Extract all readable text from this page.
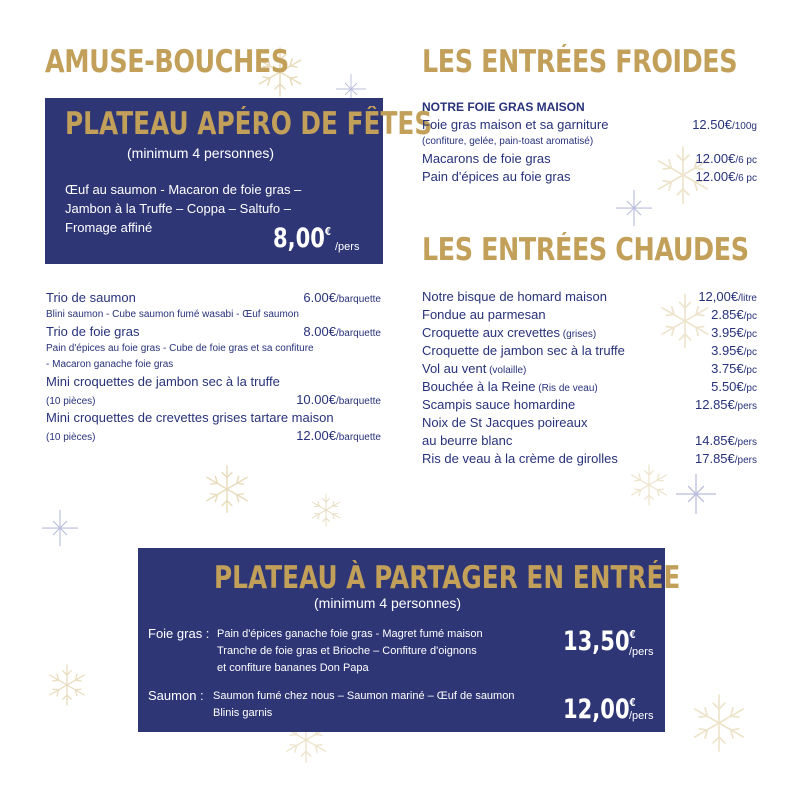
AMUSE-BOUCHES
PLATEAU APÉRO DE FÊTES
(minimum 4 personnes)
Œuf au saumon - Macaron de foie gras –
Jambon à la Truffe – Coppa – Saltufo –
Fromage affiné	8,00€
/pers
Trio de saumon	6.00€/barquette
Blini saumon - Cube saumon fumé wasabi - Œuf saumon
Trio de foie gras	8.00€/barquette
Pain d'épices au foie gras - Cube de foie gras et sa confiture
- Macaron ganache foie gras
Mini croquettes de jambon sec à la truffe
(10 pièces)	10.00€/barquette
Mini croquettes de crevettes grises tartare maison
(10 pièces)	12.00€/barquette
LES ENTRÉES FROIDES
NOTRE FOIE GRAS MAISON
Foie gras maison et sa garniture	12.50€/100g
(confiture, gelée, pain-toast aromatisé)
Macarons de foie gras	12.00€/6 pc
Pain d'épices au foie gras	12.00€/6 pc
LES ENTRÉES CHAUDES
Notre bisque de homard maison	12,00€/litre
Fondue au parmesan	2.85€/pc
Croquette aux crevettes (grises)	3.95€/pc
Croquette de jambon sec à la truffe	3.95€/pc
Vol au vent (volaille)	3.75€/pc
Bouchée à la Reine (Ris de veau)	5.50€/pc
Scampis sauce homardine	12.85€/pers
Noix de St Jacques poireaux
au beurre blanc	14.85€/pers
Ris de veau à la crème de girolles	17.85€/pers
PLATEAU À PARTAGER EN ENTRÉE
(minimum 4 personnes)
Foie gras : Pain d'épices ganache foie gras - Magret fumé maison
Tranche de foie gras et Brioche – Confiture d'oignons
et confiture bananes Don Papa
13,50€
/pers
Saumon : Saumon fumé chez nous – Saumon mariné – Œuf de saumon
Blinis garnis	12,00€
/pers
